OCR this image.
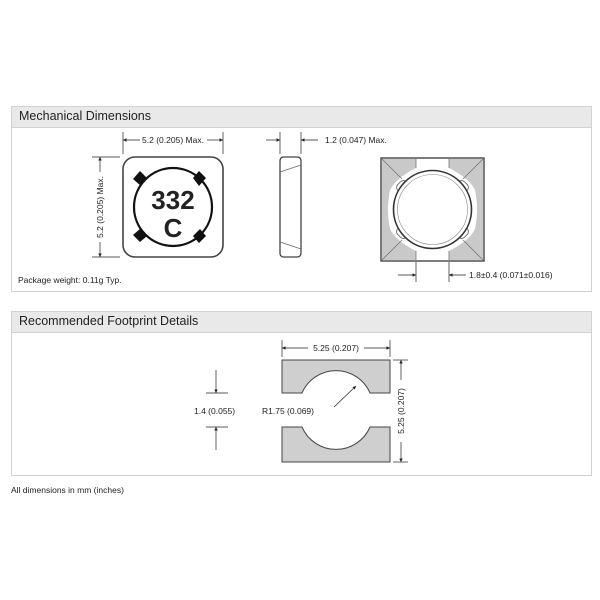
Mechanical Dimensions
Package weight: 0.11g Typ.
Recommended Footprint Details
All dimensions in mm (inches)
332
C
5.2 (0.205) Max.
5.2 (0.205) Max.
1.2 (0.047) Max.
1.8±0.4 (0.071±0.016)
5.25 (0.207)
5.25 (0.207)
1.4 (0.055)	R1.75 (0.069)
